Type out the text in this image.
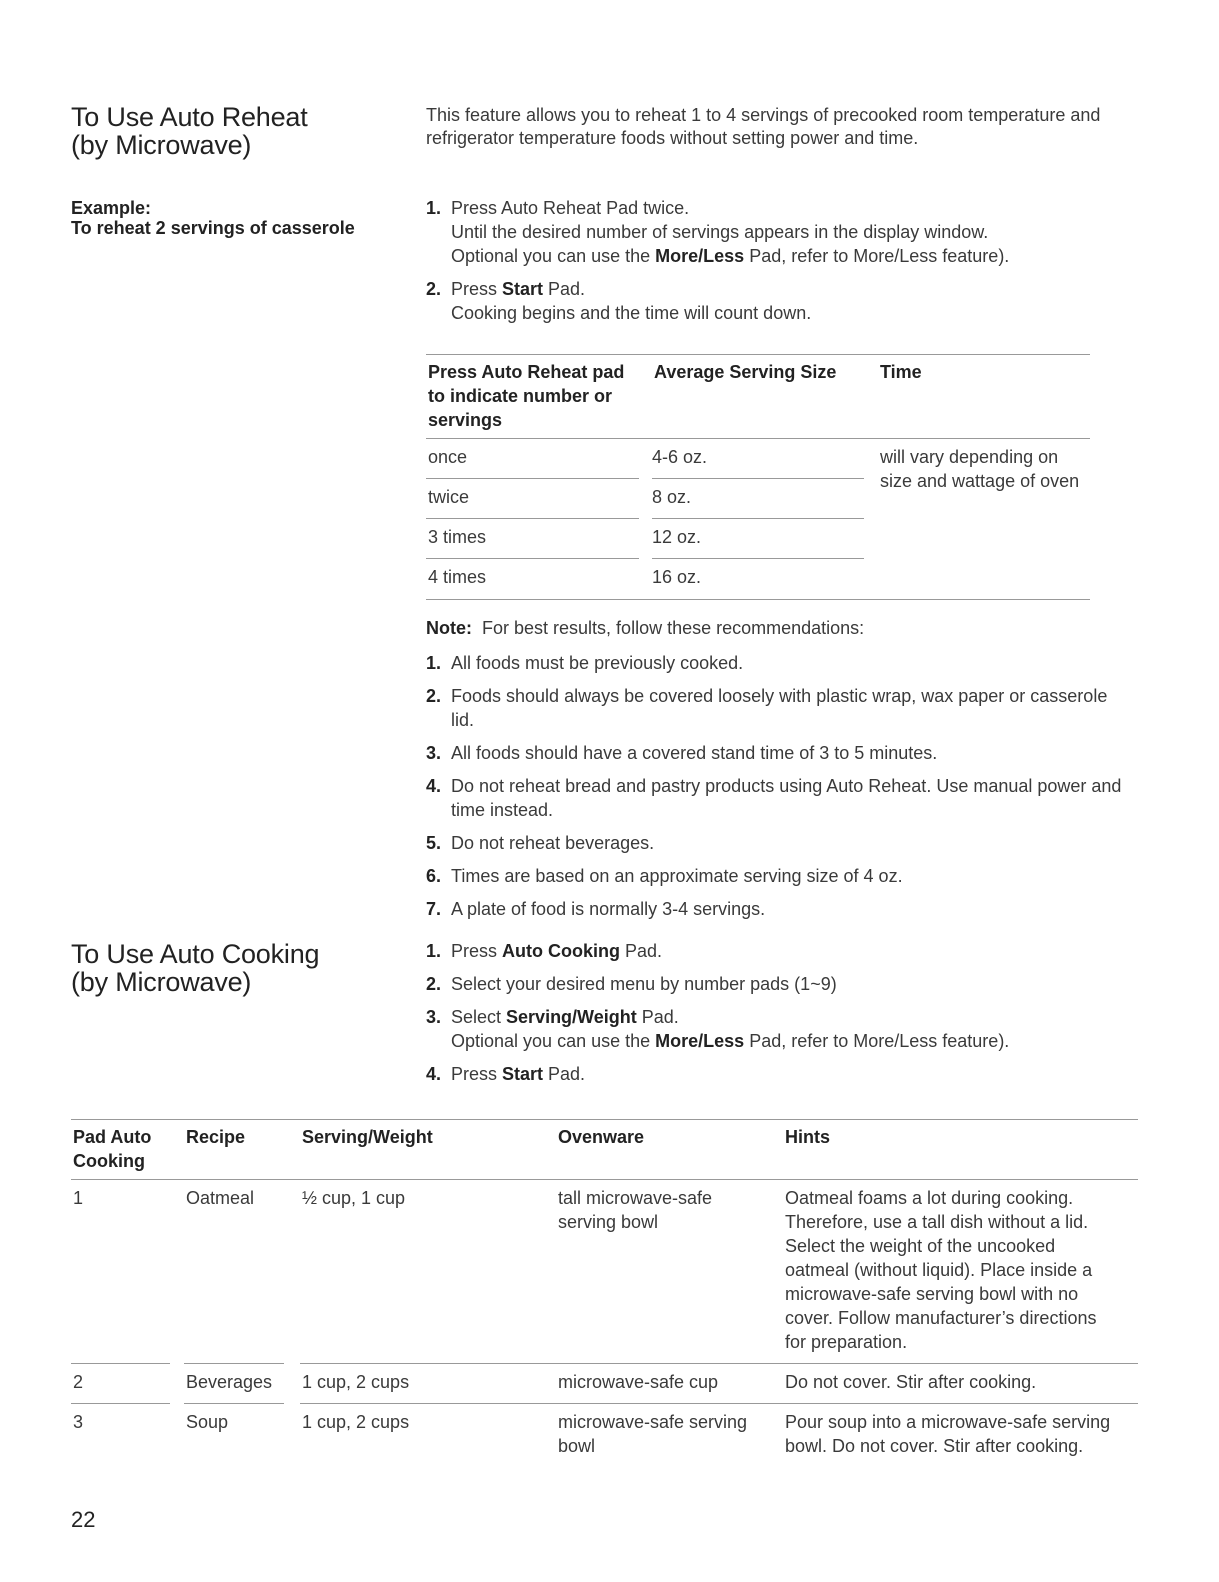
To Use Auto Reheat
(by Microwave)

This feature allows you to reheat 1 to 4 servings of precooked room temperature and refrigerator temperature foods without setting power and time.

Example:
To reheat 2 servings of casserole
1. Press Auto Reheat Pad twice.
Until the desired number of servings appears in the display window.
Optional you can use the More/Less Pad, refer to More/Less feature).
2. Press Start Pad.
Cooking begins and the time will count down.
Press Auto Reheat pad to indicate number or servings	Average Serving Size	Time
once	4-6 oz.	will vary depending on size and wattage of oven
twice	8 oz.	
3 times	12 oz.	
4 times	16 oz.	

Note: For best results, follow these recommendations:

1. All foods must be previously cooked.
2. Foods should always be covered loosely with plastic wrap, wax paper or casserole lid.
3. All foods should have a covered stand time of 3 to 5 minutes.
4. Do not reheat bread and pastry products using Auto Reheat. Use manual power and time instead.
5. Do not reheat beverages.
6. Times are based on an approximate serving size of 4 oz.
7. A plate of food is normally 3-4 servings.
To Use Auto Cooking
(by Microwave)
1. Press Auto Cooking Pad.
2. Select your desired menu by number pads (1~9)
3. Select Serving/Weight Pad.
Optional you can use the More/Less Pad, refer to More/Less feature).
4. Press Start Pad.
Pad Auto Cooking	Recipe	Serving/Weight	Ovenware	Hints
1	Oatmeal	½ cup, 1 cup	tall microwave-safe serving bowl	Oatmeal foams a lot during cooking. Therefore, use a tall dish without a lid. Select the weight of the uncooked oatmeal (without liquid). Place inside a microwave-safe serving bowl with no cover. Follow manufacturer’s directions for preparation.
2	Beverages	1 cup, 2 cups	microwave-safe cup	Do not cover. Stir after cooking.
3	Soup	1 cup, 2 cups	microwave-safe serving bowl	Pour soup into a microwave-safe serving bowl. Do not cover. Stir after cooking.
22
